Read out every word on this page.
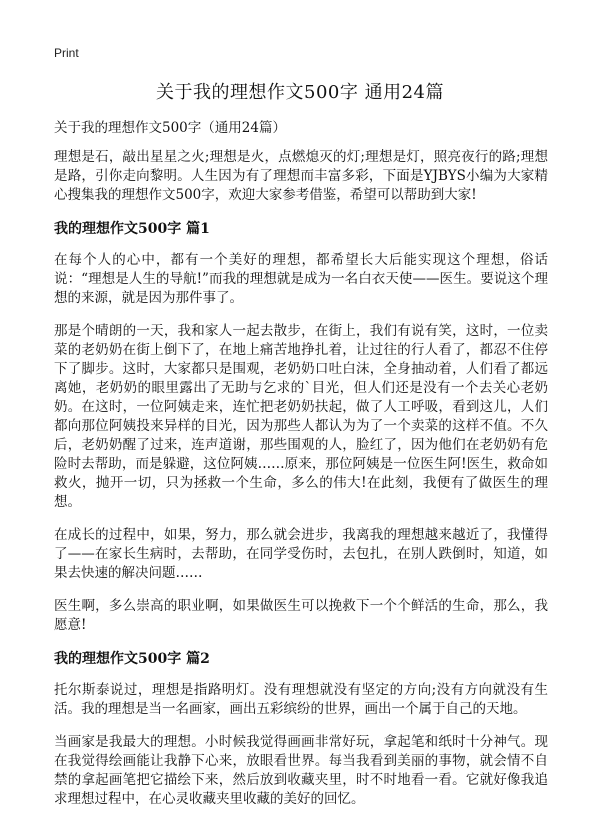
Print
关于我的理想作文500字 通用24篇
关于我的理想作文500字（通用24篇）

理想是石，敲出星星之火;理想是火，点燃熄灭的灯;理想是灯，照亮夜行的路;理想是路，引你走向黎明。人生因为有了理想而丰富多彩，下面是YJBYS小编为大家精心搜集我的理想作文500字，欢迎大家参考借鉴，希望可以帮助到大家!

我的理想作文500字 篇1

在每个人的心中，都有一个美好的理想，都希望长大后能实现这个理想，俗话说：“理想是人生的导航!”而我的理想就是成为一名白衣天使——医生。要说这个理想的来源，就是因为那件事了。

那是个晴朗的一天，我和家人一起去散步，在街上，我们有说有笑，这时，一位卖菜的老奶奶在街上倒下了，在地上痛苦地挣扎着，让过往的行人看了，都忍不住停下了脚步。这时，大家都只是围观，老奶奶口吐白沫，全身抽动着，人们看了都远离她，老奶奶的眼里露出了无助与乞求的`目光，但人们还是没有一个去关心老奶奶。在这时，一位阿姨走来，连忙把老奶奶扶起，做了人工呼吸，看到这儿，人们都向那位阿姨投来异样的目光，因为那些人都认为为了一个卖菜的这样不值。不久后，老奶奶醒了过来，连声道谢，那些围观的人，脸红了，因为他们在老奶奶有危险时去帮助，而是躲避，这位阿姨……原来，那位阿姨是一位医生阿!医生，救命如救火，抛开一切，只为拯救一个生命，多么的伟大!在此刻，我便有了做医生的理想。

在成长的过程中，如果，努力，那么就会进步，我离我的理想越来越近了，我懂得了——在家长生病时，去帮助，在同学受伤时，去包扎，在别人跌倒时，知道，如果去快速的解决问题……

医生啊，多么崇高的职业啊，如果做医生可以挽救下一个个鲜活的生命，那么，我愿意!

我的理想作文500字 篇2

托尔斯泰说过，理想是指路明灯。没有理想就没有坚定的方向;没有方向就没有生活。我的理想是当一名画家，画出五彩缤纷的世界，画出一个属于自己的天地。

当画家是我最大的理想。小时候我觉得画画非常好玩，拿起笔和纸时十分神气。现在我觉得绘画能让我静下心来，放眼看世界。每当我看到美丽的事物，就会情不自禁的拿起画笔把它描绘下来，然后放到收藏夹里，时不时地看一看。它就好像我追求理想过程中，在心灵收藏夹里收藏的美好的回忆。
